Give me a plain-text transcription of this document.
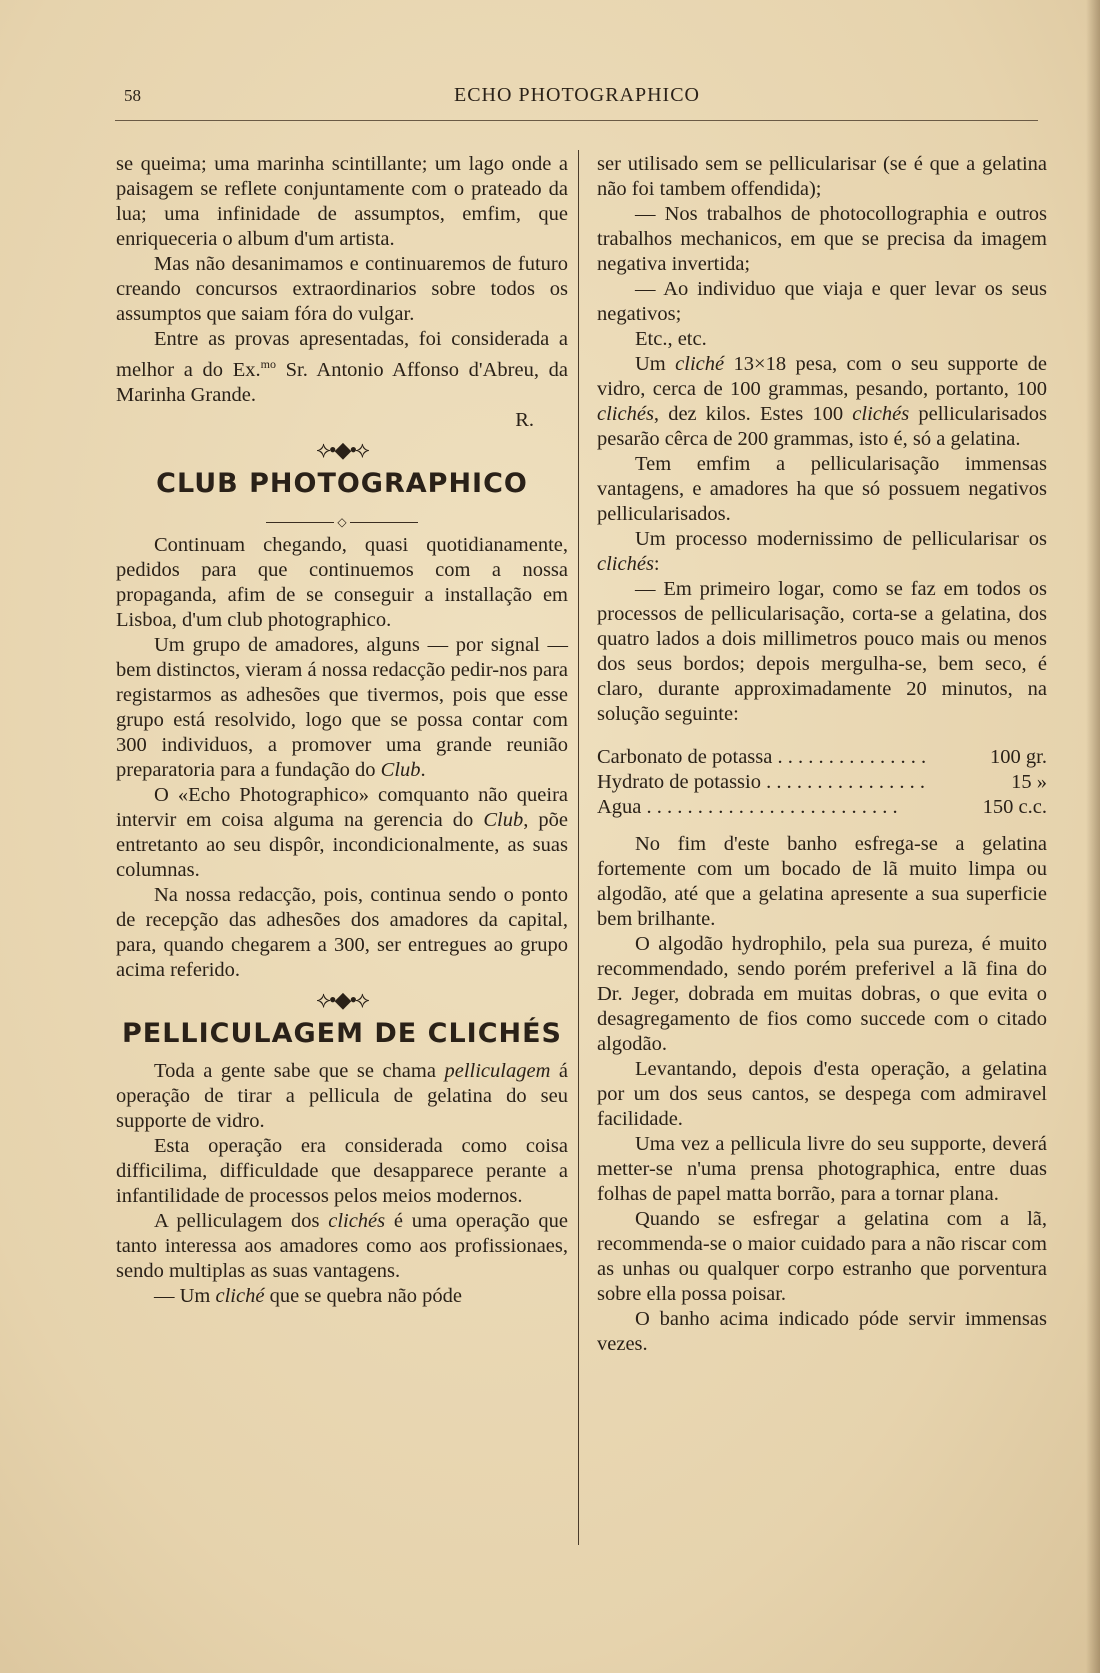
58	ECHO PHOTOGRAPHICO

se queima; uma marinha scintillante; um lago onde a paisagem se reflete conjuntamente com o prateado da lua; uma infinidade de assumptos, emfim, que enriqueceria o album d'um artista.

Mas não desanimamos e continuaremos de futuro creando concursos extraordinarios sobre todos os assumptos que saiam fóra do vulgar.

Entre as provas apresentadas, foi considerada a melhor a do Ex.$^{mo}$ Sr. Antonio Affonso d'Abreu, da Marinha Grande.

R.

⟡•◆•⟡
CLUB PHOTOGRAPHICO
◇

Continuam chegando, quasi quotidianamente, pedidos para que continuemos com a nossa propaganda, afim de se conseguir a installação em Lisboa, d'um club photographico.

Um grupo de amadores, alguns — por signal — bem distinctos, vieram á nossa redacção pedir-nos para registarmos as adhesões que tivermos, pois que esse grupo está resolvido, logo que se possa contar com 300 individuos, a promover uma grande reunião preparatoria para a fundação do Club.

O «Echo Photographico» comquanto não queira intervir em coisa alguma na gerencia do Club, põe entretanto ao seu dispôr, incondicionalmente, as suas columnas.

Na nossa redacção, pois, continua sendo o ponto de recepção das adhesões dos amadores da capital, para, quando chegarem a 300, ser entregues ao grupo acima referido.

⟡•◆•⟡
PELLICULAGEM DE CLICHÉS

Toda a gente sabe que se chama pelliculagem á operação de tirar a pellicula de gelatina do seu supporte de vidro.

Esta operação era considerada como coisa difficilima, difficuldade que desapparece perante a infantilidade de processos pelos meios modernos.

A pelliculagem dos clichés é uma operação que tanto interessa aos amadores como aos profissionaes, sendo multiplas as suas vantagens.

— Um cliché que se quebra não póde

ser utilisado sem se pellicularisar (se é que a gelatina não foi tambem offendida);

— Nos trabalhos de photocollographia e outros trabalhos mechanicos, em que se precisa da imagem negativa invertida;

— Ao individuo que viaja e quer levar os seus negativos;

Etc., etc.

Um cliché 13×18 pesa, com o seu supporte de vidro, cerca de 100 grammas, pesando, portanto, 100 clichés, dez kilos. Estes 100 clichés pellicularisados pesarão cêrca de 200 grammas, isto é, só a gelatina.

Tem emfim a pellicularisação immensas vantagens, e amadores ha que só possuem negativos pellicularisados.

Um processo modernissimo de pellicularisar os clichés:

— Em primeiro logar, como se faz em todos os processos de pellicularisação, corta-se a gelatina, dos quatro lados a dois millimetros pouco mais ou menos dos seus bordos; depois mergulha-se, bem seco, é claro, durante approximadamente 20 minutos, na solução seguinte:

Carbonato de potassa . . .	100 gr.
Hydrato de potassio . . .	15 »
Agua . . .	150 c.c.

No fim d'este banho esfrega-se a gelatina fortemente com um bocado de lã muito limpa ou algodão, até que a gelatina apresente a sua superficie bem brilhante.

O algodão hydrophilo, pela sua pureza, é muito recommendado, sendo porém preferivel a lã fina do Dr. Jeger, dobrada em muitas dobras, o que evita o desagregamento de fios como succede com o citado algodão.

Levantando, depois d'esta operação, a gelatina por um dos seus cantos, se despega com admiravel facilidade.

Uma vez a pellicula livre do seu supporte, deverá metter-se n'uma prensa photographica, entre duas folhas de papel matta borrão, para a tornar plana.

Quando se esfregar a gelatina com a lã, recommenda-se o maior cuidado para a não riscar com as unhas ou qualquer corpo estranho que porventura sobre ella possa poisar.

O banho acima indicado póde servir immensas vezes.
